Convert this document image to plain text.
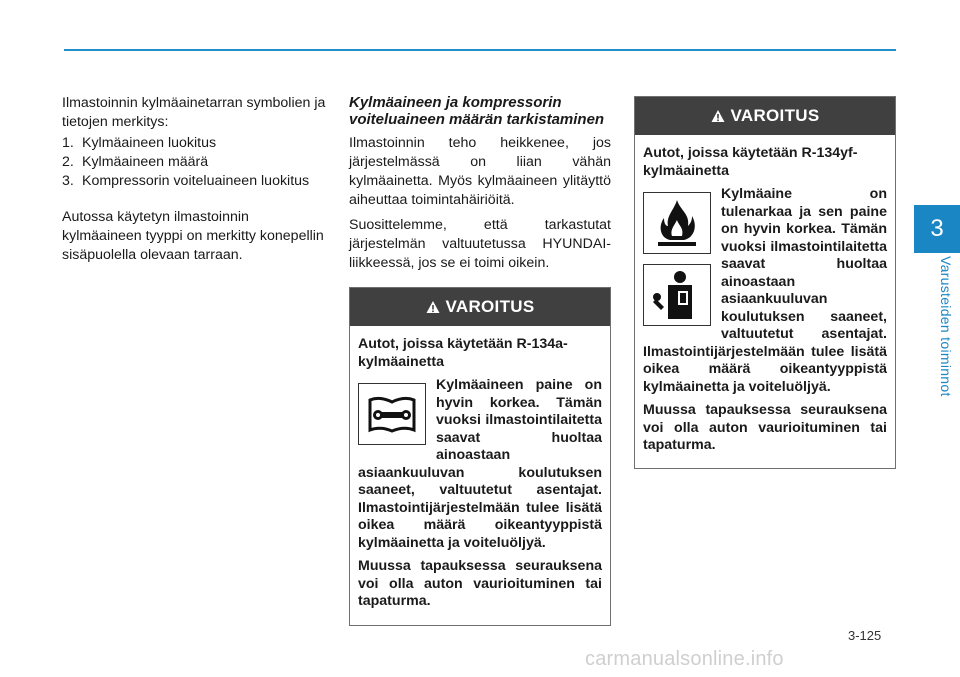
3
Varusteiden toiminnot

Ilmastoinnin kylmäainetarran symbolien ja tietojen merkitys:

1. Kylmäaineen luokitus
2. Kylmäaineen määrä
3. Kompressorin voiteluaineen luokitus

Autossa käytetyn ilmastoinnin kylmäaineen tyyppi on merkitty konepellin sisäpuolella olevaan tarraan.

Kylmäaineen ja kompressorin voiteluaineen määrän tarkistaminen

Ilmastoinnin teho heikkenee, jos järjestelmässä on liian vähän kylmäainetta. Myös kylmäaineen ylitäyttö aiheuttaa toimintahäiriöitä.

Suosittelemme, että tarkastutat järjestelmän valtuutetussa HYUNDAI-liikkeessä, jos se ei toimi oikein.

VAROITUS
Autot, joissa käytetään R-134a-kylmäainetta
Kylmäaineen paine on hyvin korkea. Tämän vuoksi ilmastointilaitetta saavat huoltaa ainoastaan asiaankuuluvan koulutuksen saaneet, valtuutetut asentajat. Ilmastointijärjestelmään tulee lisätä oikea määrä oikeantyyppistä kylmäainetta ja voiteluöljyä.
Muussa tapauksessa seurauksena voi olla auton vaurioituminen tai tapaturma.
VAROITUS
Autot, joissa käytetään R-134yf-kylmäainetta
Kylmäaine on tulenarkaa ja sen paine on hyvin korkea. Tämän vuoksi ilmastointilaitetta saavat huoltaa ainoastaan asiaankuuluvan koulutuksen saaneet, valtuutetut asentajat. Ilmastointijärjestelmään tulee lisätä oikea määrä oikeantyyppistä kylmäainetta ja voiteluöljyä.
Muussa tapauksessa seurauksena voi olla auton vaurioituminen tai tapaturma.
3-125
carmanualsonline.info
